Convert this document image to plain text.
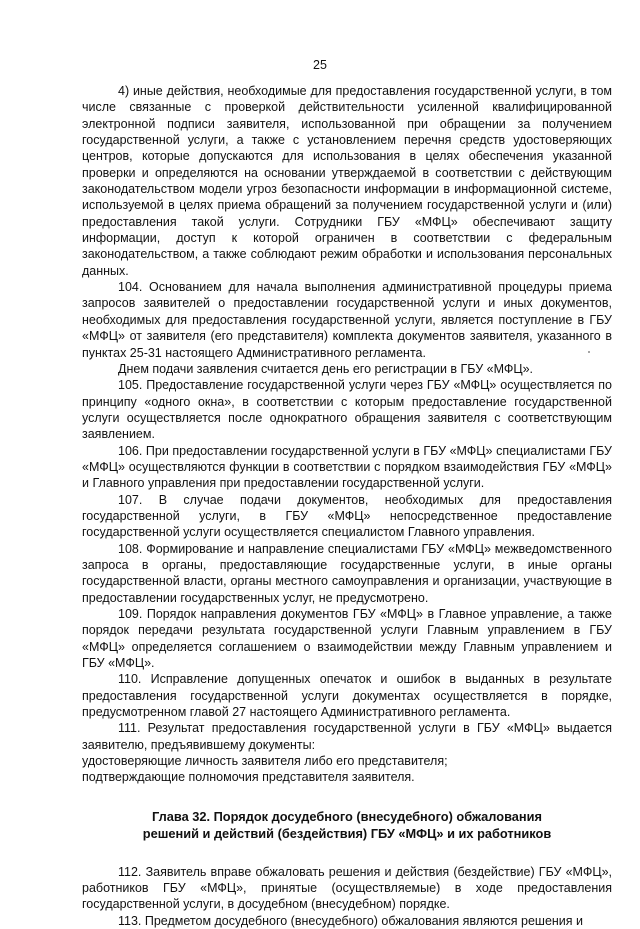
25

4) иные действия, необходимые для предоставления государственной услуги, в том числе связанные с проверкой действительности усиленной квалифицированной электронной подписи заявителя, использованной при обращении за получением государственной услуги, а также с установлением перечня средств удостоверяющих центров, которые допускаются для использования в целях обеспечения указанной проверки и определяются на основании утверждаемой в соответствии с действующим законодательством модели угроз безопасности информации в информационной системе, используемой в целях приема обращений за получением государственной услуги и (или) предоставления такой услуги. Сотрудники ГБУ «МФЦ» обеспечивают защиту информации, доступ к которой ограничен в соответствии с федеральным законодательством, а также соблюдают режим обработки и использования персональных данных.

104. Основанием для начала выполнения административной процедуры приема запросов заявителей о предоставлении государственной услуги и иных документов, необходимых для предоставления государственной услуги, является поступление в ГБУ «МФЦ» от заявителя (его представителя) комплекта документов заявителя, указанного в пунктах 25-31 настоящего Административного регламента.

Днем подачи заявления считается день его регистрации в ГБУ «МФЦ».

105. Предоставление государственной услуги через ГБУ «МФЦ» осуществляется по принципу «одного окна», в соответствии с которым предоставление государственной услуги осуществляется после однократного обращения заявителя с соответствующим заявлением.

106. При предоставлении государственной услуги в ГБУ «МФЦ» специалистами ГБУ «МФЦ» осуществляются функции в соответствии с порядком взаимодействия ГБУ «МФЦ» и Главного управления при предоставлении государственной услуги.

107. В случае подачи документов, необходимых для предоставления государственной услуги, в ГБУ «МФЦ» непосредственное предоставление государственной услуги осуществляется специалистом Главного управления.

108. Формирование и направление специалистами ГБУ «МФЦ» межведомственного запроса в органы, предоставляющие государственные услуги, в иные органы государственной власти, органы местного самоуправления и организации, участвующие в предоставлении государственных услуг, не предусмотрено.

109. Порядок направления документов ГБУ «МФЦ» в Главное управление, а также порядок передачи результата государственной услуги Главным управлением в ГБУ «МФЦ» определяется соглашением о взаимодействии между Главным управлением и ГБУ «МФЦ».

110. Исправление допущенных опечаток и ошибок в выданных в результате предоставления государственной услуги документах осуществляется в порядке, предусмотренном главой 27 настоящего Административного регламента.

111. Результат предоставления государственной услуги в ГБУ «МФЦ» выдается заявителю, предъявившему документы:

удостоверяющие личность заявителя либо его представителя;

подтверждающие полномочия представителя заявителя.

Глава 32. Порядок досудебного (внесудебного) обжалования
решений и действий (бездействия) ГБУ «МФЦ» и их работников

112. Заявитель вправе обжаловать решения и действия (бездействие) ГБУ «МФЦ», работников ГБУ «МФЦ», принятые (осуществляемые) в ходе предоставления государственной услуги, в досудебном (внесудебном) порядке.

113. Предметом досудебного (внесудебного) обжалования являются решения и
